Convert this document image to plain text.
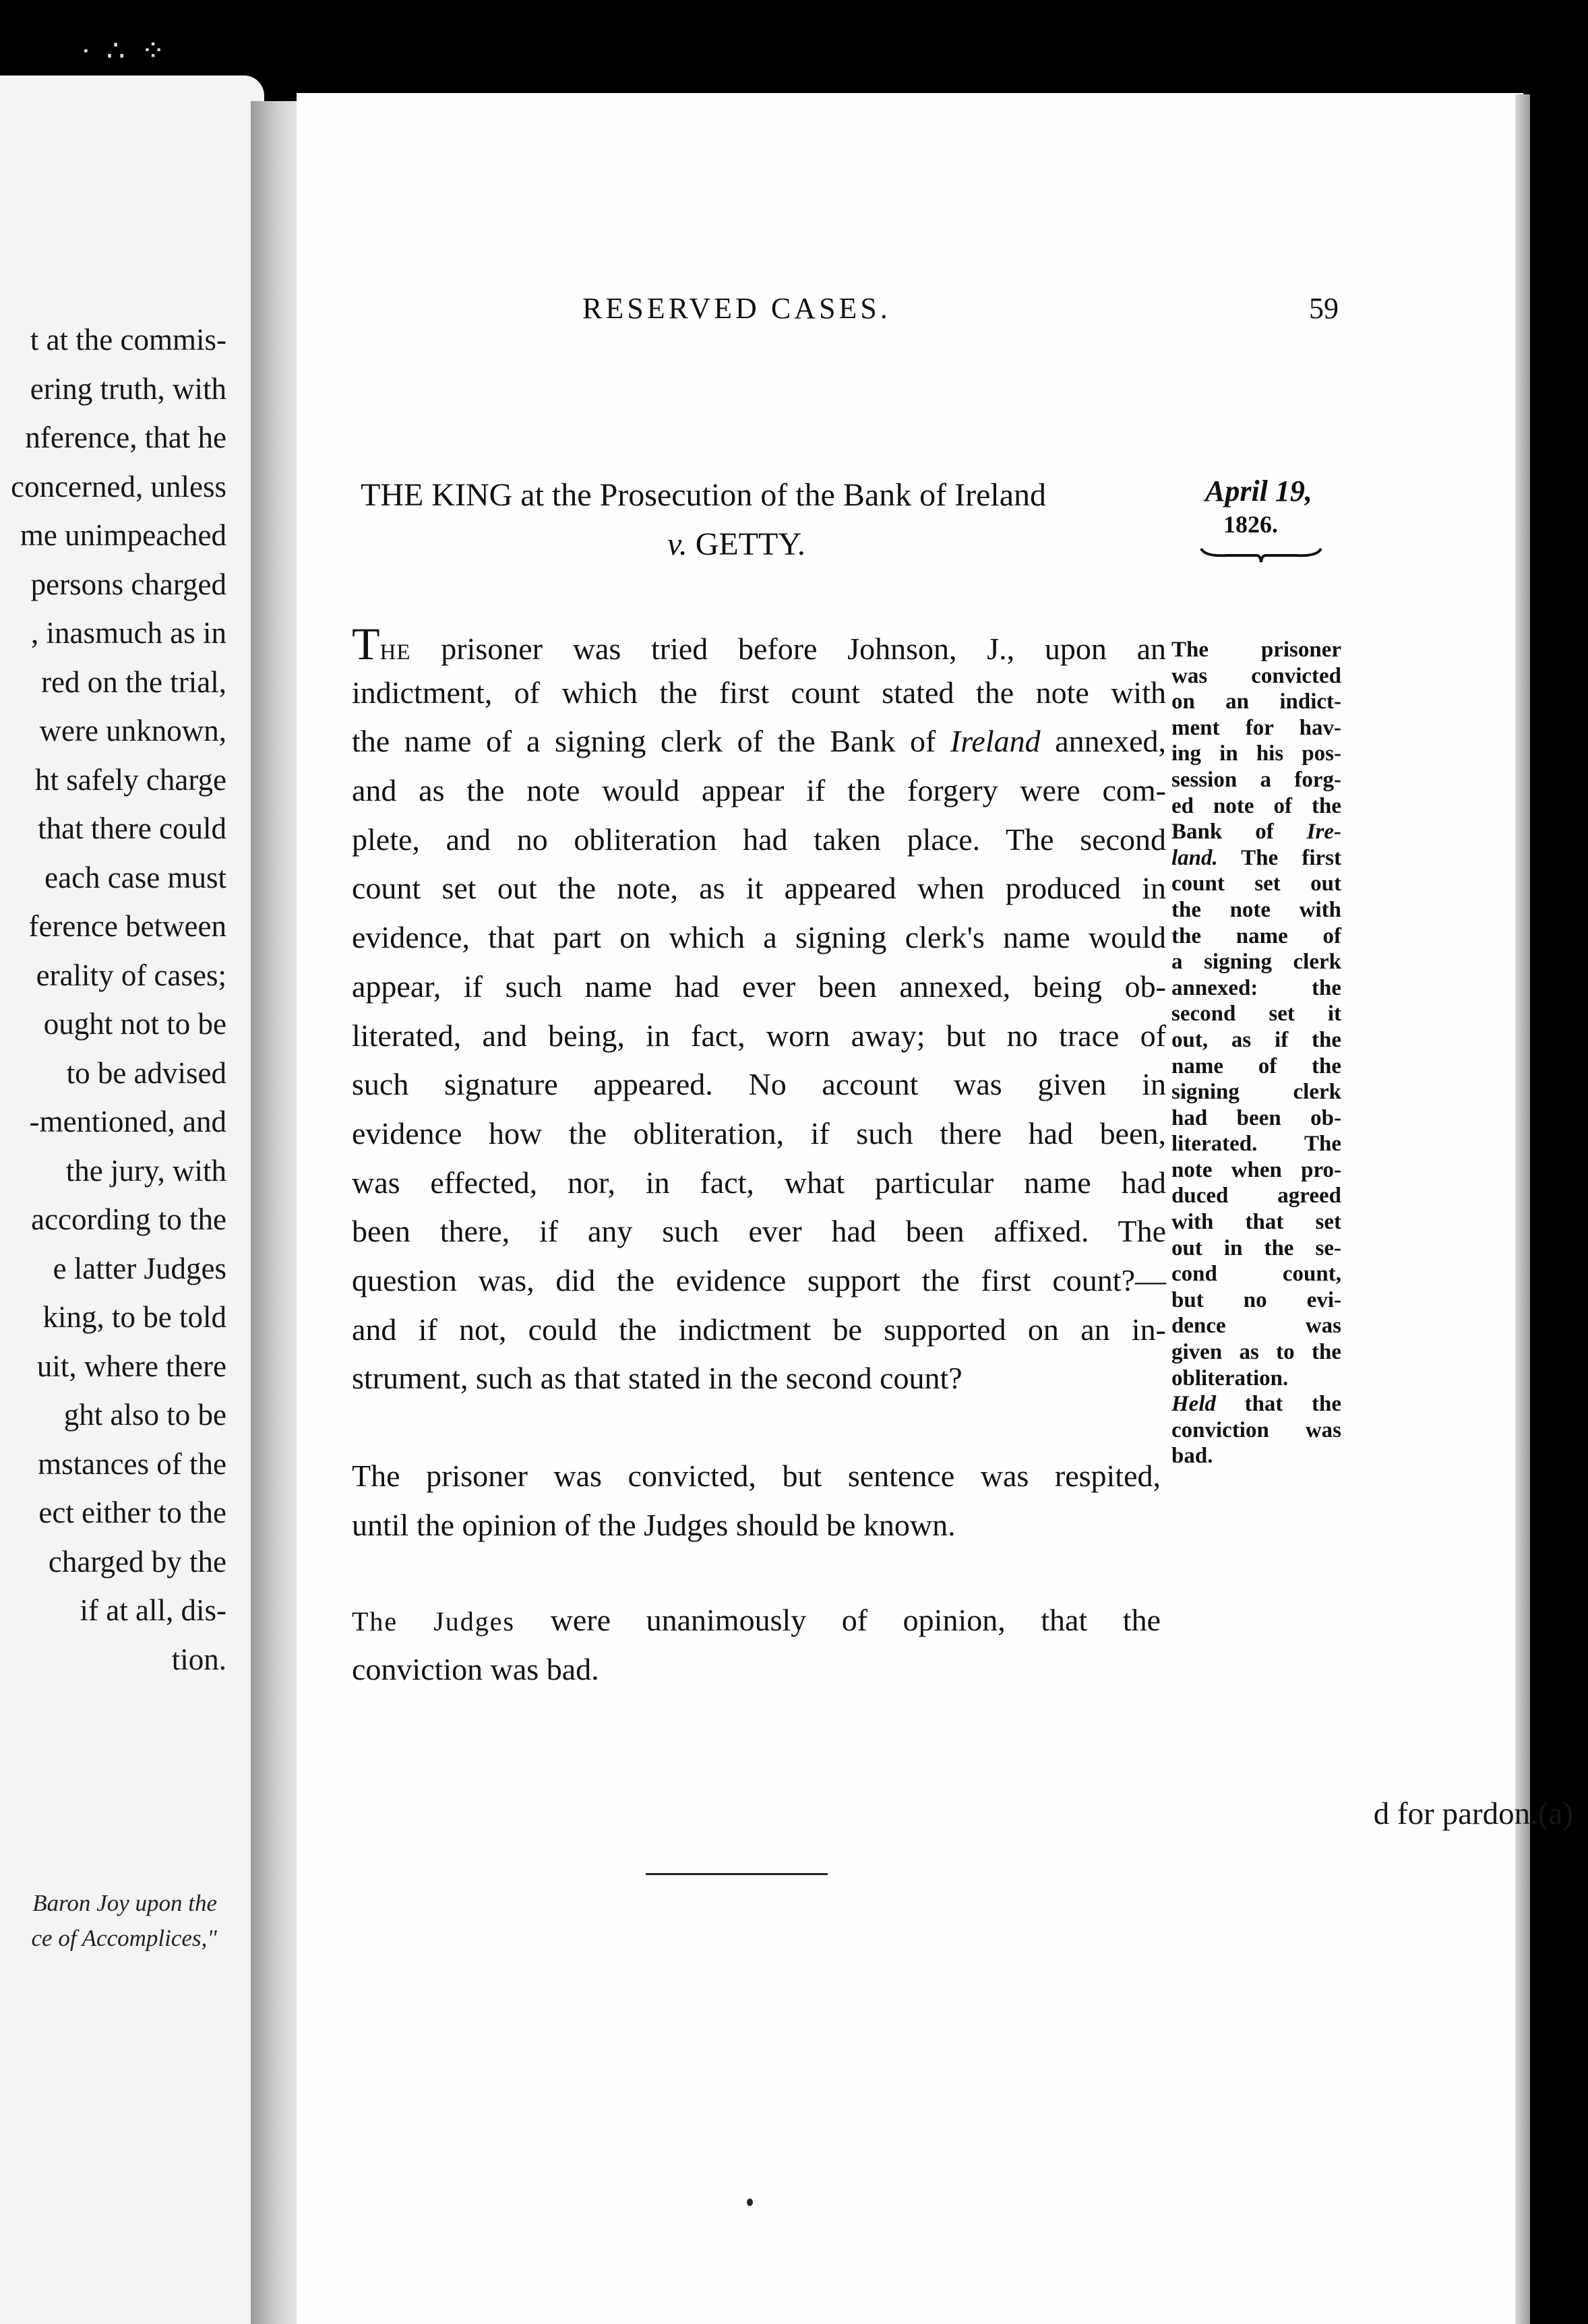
· ∴ ⁘
t at the commis-
ering truth, with
nference, that he
concerned, unless
me unimpeached
persons charged
, inasmuch as in
red on the trial,
were unknown,
ht safely charge
that there could
each case must
ference between
erality of cases;
ought not to be
to be advised
-mentioned, and
the jury, with
according to the
e latter Judges
king, to be told
uit, where there
ght also to be
mstances of the
ect either to the
charged by the
if at all, dis-
tion.
d for pardon.(a)
Baron Joy upon the
ce of Accomplices,"
RESERVED CASES.	59
THE KING at the Prosecution of the Bank of Ireland
v. GETTY.
April 19,
1826.
THE prisoner was tried before Johnson, J., upon an
indictment, of which the first count stated the note with
the name of a signing clerk of the Bank of Ireland annexed,
and as the note would appear if the forgery were com-
plete, and no obliteration had taken place. The second
count set out the note, as it appeared when produced in
evidence, that part on which a signing clerk's name would
appear, if such name had ever been annexed, being ob-
literated, and being, in fact, worn away; but no trace of
such signature appeared. No account was given in
evidence how the obliteration, if such there had been,
was effected, nor, in fact, what particular name had
been there, if any such ever had been affixed. The
question was, did the evidence support the first count?—
and if not, could the indictment be supported on an in-
strument, such as that stated in the second count?
The prisoner was convicted, but sentence was respited,
until the opinion of the Judges should be known.
The Judges were unanimously of opinion, that the
conviction was bad.
The prisoner
was convicted
on an indict-
ment for hav-
ing in his pos-
session a forg-
ed note of the
Bank of Ire-
land. The first
count set out
the note with
the name of
a signing clerk
annexed: the
second set it
out, as if the
name of the
signing clerk
had been ob-
literated. The
note when pro-
duced agreed
with that set
out in the se-
cond count,
but no evi-
dence was
given as to the
obliteration.
Held that the
conviction was
bad.
